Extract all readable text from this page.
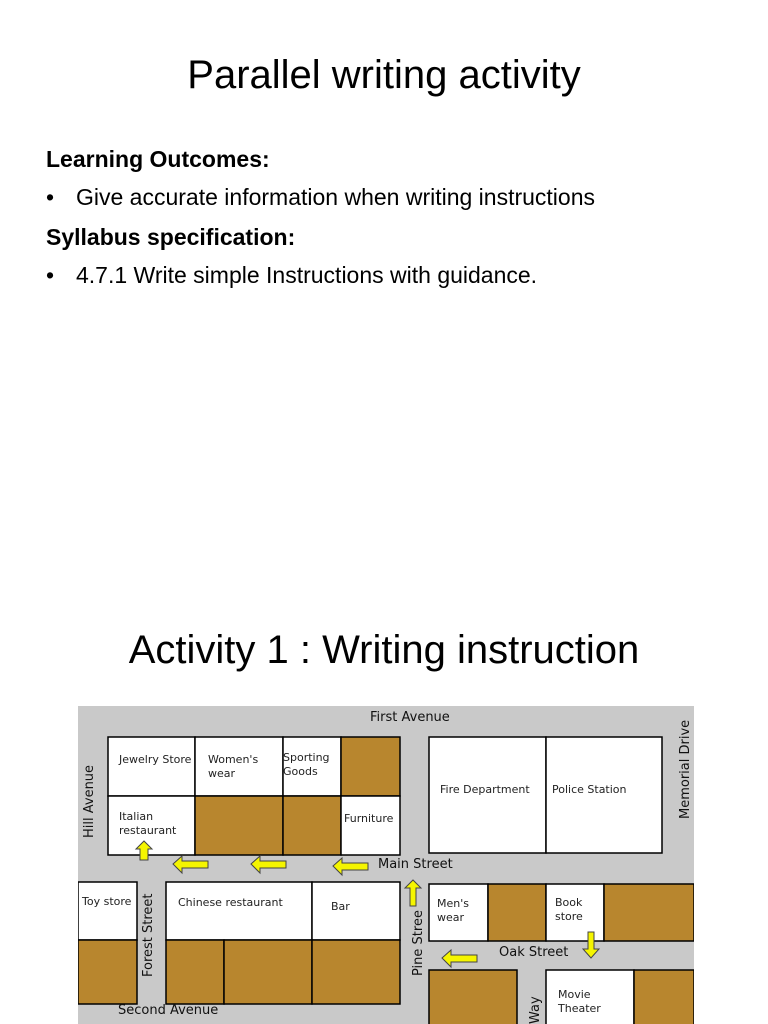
Parallel writing activity

Learning Outcomes:

• Give accurate information when writing instructions

Syllabus specification:

• 4.7.1 Write simple Instructions with guidance.
Activity 1 : Writing instruction
Jewelry Store Women's
wear
Sporting
Goods
Italian
restaurant
Furniture
Fire Department Police Station
Toy store	Chinese restaurant	Bar	Men's
wear
Book
store
Movie
Theater
First Avenue
Second Avenue
Main Street
Oak Street
Hill Avenue
Forest Street	Pine Stree
Memorial Drive
Way
